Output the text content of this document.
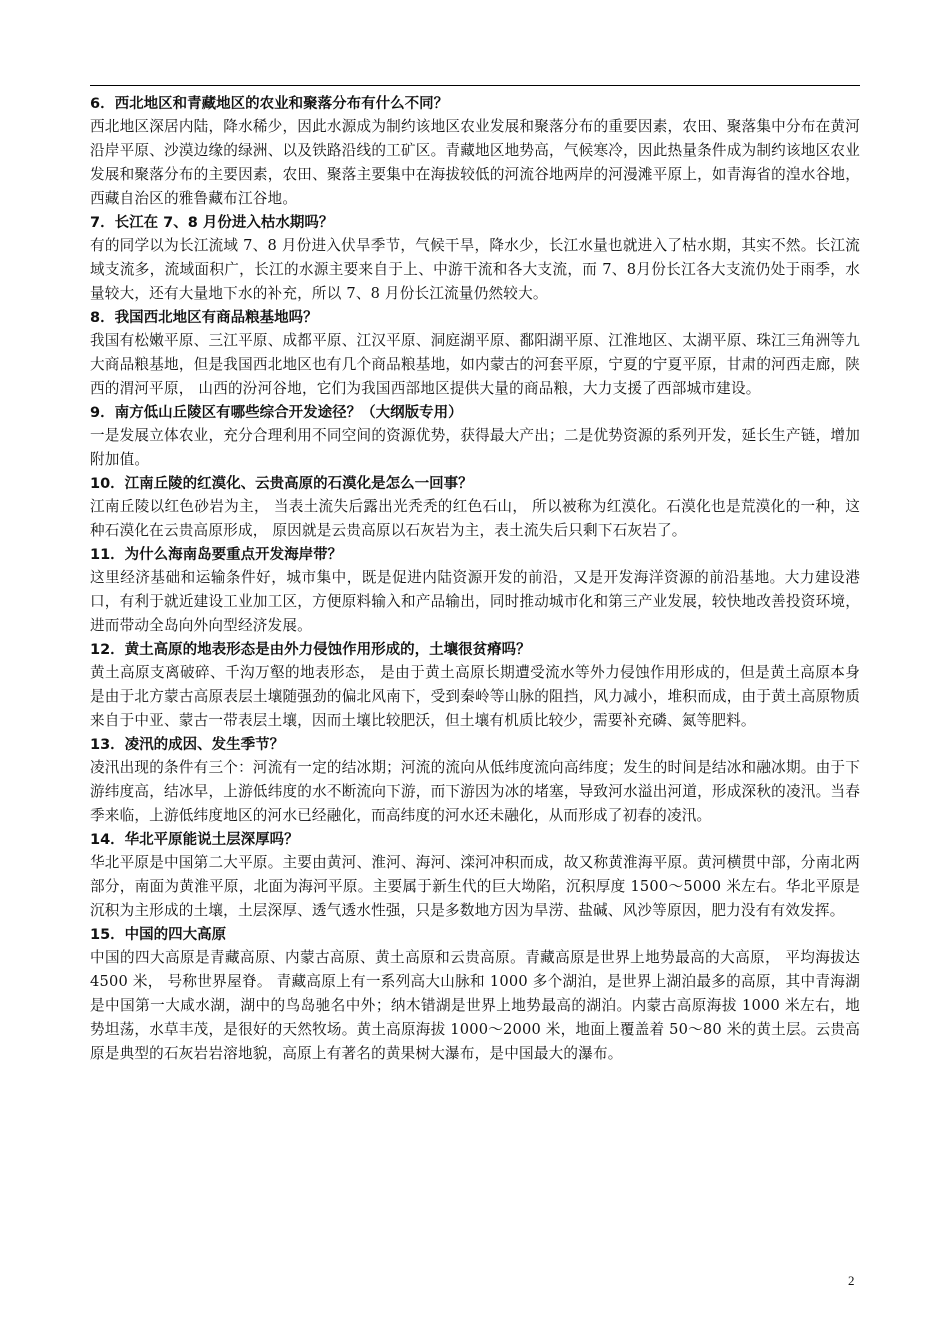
6．西北地区和青藏地区的农业和聚落分布有什么不同？

西北地区深居内陆，降水稀少，因此水源成为制约该地区农业发展和聚落分布的重要因素，农田、聚落集中分布在黄河沿岸平原、沙漠边缘的绿洲、以及铁路沿线的工矿区。青藏地区地势高，气候寒冷，因此热量条件成为制约该地区农业发展和聚落分布的主要因素，农田、聚落主要集中在海拔较低的河流谷地两岸的河漫滩平原上，如青海省的湟水谷地，西藏自治区的雅鲁藏布江谷地。

7．长江在 7、8 月份进入枯水期吗？

有的同学以为长江流域 7、8 月份进入伏旱季节，气候干旱，降水少，长江水量也就进入了枯水期，其实不然。长江流域支流多，流域面积广，长江的水源主要来自于上、中游干流和各大支流，而 7、8月份长江各大支流仍处于雨季，水量较大，还有大量地下水的补充，所以 7、8 月份长江流量仍然较大。

8．我国西北地区有商品粮基地吗？

我国有松嫩平原、三江平原、成都平原、江汉平原、洞庭湖平原、鄱阳湖平原、江淮地区、太湖平原、珠江三角洲等九大商品粮基地，但是我国西北地区也有几个商品粮基地，如内蒙古的河套平原，宁夏的宁夏平原，甘肃的河西走廊，陕西的渭河平原， 山西的汾河谷地，它们为我国西部地区提供大量的商品粮，大力支援了西部城市建设。

9．南方低山丘陵区有哪些综合开发途径？（大纲版专用）

一是发展立体农业，充分合理利用不同空间的资源优势，获得最大产出；二是优势资源的系列开发，延长生产链，增加附加值。

10．江南丘陵的红漠化、云贵高原的石漠化是怎么一回事？

江南丘陵以红色砂岩为主， 当表土流失后露出光秃秃的红色石山， 所以被称为红漠化。石漠化也是荒漠化的一种，这种石漠化在云贵高原形成， 原因就是云贵高原以石灰岩为主，表土流失后只剩下石灰岩了。

11．为什么海南岛要重点开发海岸带？

这里经济基础和运输条件好，城市集中，既是促进内陆资源开发的前沿，又是开发海洋资源的前沿基地。大力建设港口，有利于就近建设工业加工区，方便原料输入和产品输出，同时推动城市化和第三产业发展，较快地改善投资环境，进而带动全岛向外向型经济发展。

12．黄土高原的地表形态是由外力侵蚀作用形成的，土壤很贫瘠吗？

黄土高原支离破碎、千沟万壑的地表形态， 是由于黄土高原长期遭受流水等外力侵蚀作用形成的，但是黄土高原本身是由于北方蒙古高原表层土壤随强劲的偏北风南下，受到秦岭等山脉的阻挡，风力减小，堆积而成，由于黄土高原物质来自于中亚、蒙古一带表层土壤，因而土壤比较肥沃，但土壤有机质比较少，需要补充磷、氮等肥料。

13．凌汛的成因、发生季节？

凌汛出现的条件有三个：河流有一定的结冰期；河流的流向从低纬度流向高纬度；发生的时间是结冰和融冰期。由于下游纬度高，结冰早，上游低纬度的水不断流向下游，而下游因为冰的堵塞，导致河水溢出河道，形成深秋的凌汛。当春季来临，上游低纬度地区的河水已经融化，而高纬度的河水还未融化，从而形成了初春的凌汛。

14．华北平原能说土层深厚吗？

华北平原是中国第二大平原。主要由黄河、淮河、海河、滦河冲积而成，故又称黄淮海平原。黄河横贯中部，分南北两部分，南面为黄淮平原，北面为海河平原。主要属于新生代的巨大坳陷，沉积厚度 1500～5000 米左右。华北平原是沉积为主形成的土壤，土层深厚、透气透水性强，只是多数地方因为旱涝、盐碱、风沙等原因，肥力没有有效发挥。

15．中国的四大高原

中国的四大高原是青藏高原、内蒙古高原、黄土高原和云贵高原。青藏高原是世界上地势最高的大高原， 平均海拔达 4500 米， 号称世界屋脊。 青藏高原上有一系列高大山脉和 1000 多个湖泊，是世界上湖泊最多的高原，其中青海湖是中国第一大咸水湖，湖中的鸟岛驰名中外；纳木错湖是世界上地势最高的湖泊。内蒙古高原海拔 1000 米左右，地势坦荡，水草丰茂，是很好的天然牧场。黄土高原海拔 1000～2000 米，地面上覆盖着 50～80 米的黄土层。云贵高原是典型的石灰岩岩溶地貌，高原上有著名的黄果树大瀑布，是中国最大的瀑布。

2
